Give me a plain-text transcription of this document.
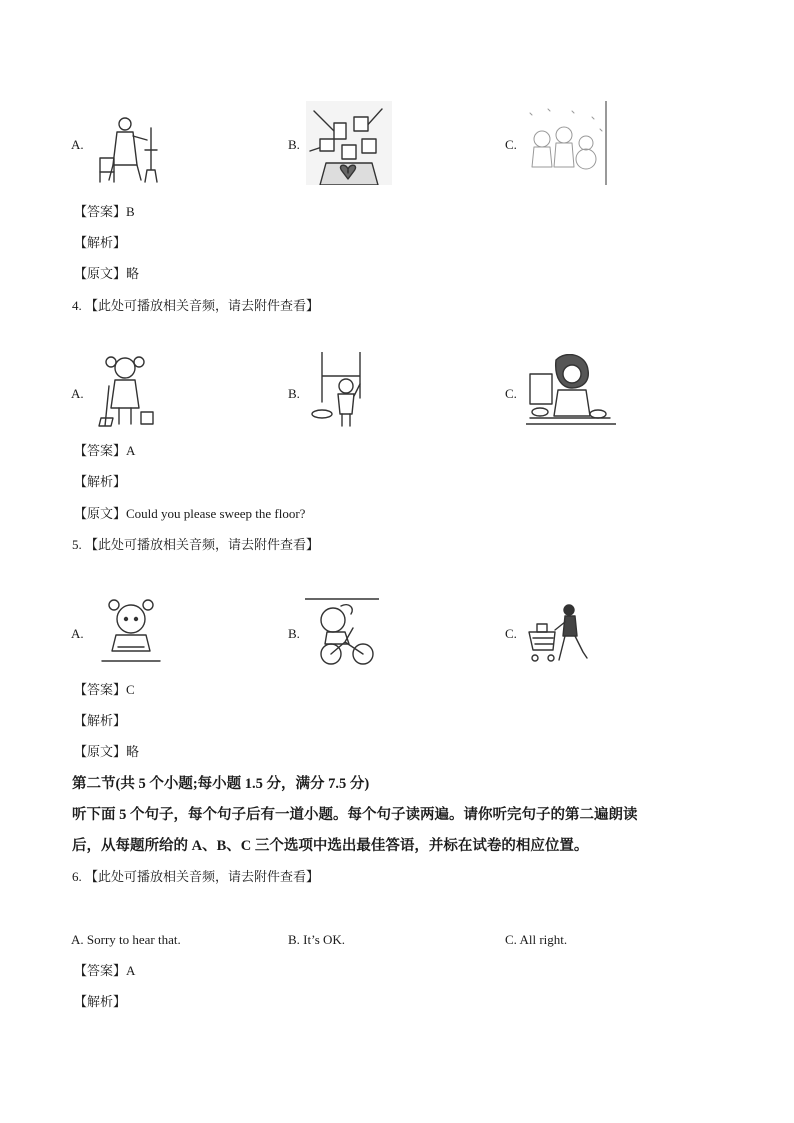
A.	B.	C.
【答案】B
【解析】
【原文】略
4. 【此处可播放相关音频，请去附件查看】
A.	B.	C.
【答案】A
【解析】
【原文】Could you please sweep the floor?
5. 【此处可播放相关音频，请去附件查看】
A.	B.	C.
【答案】C
【解析】
【原文】略
第二节(共 5 个小题;每小题 1.5 分，满分 7.5 分)
听下面 5 个句子，每个句子后有一道小题。每个句子读两遍。请你听完句子的第二遍朗读
后，从每题所给的 A、B、C 三个选项中选出最佳答语，并标在试卷的相应位置。
6. 【此处可播放相关音频，请去附件查看】
A. Sorry to hear that.	B. It’s OK.	C. All right.
【答案】A
【解析】
